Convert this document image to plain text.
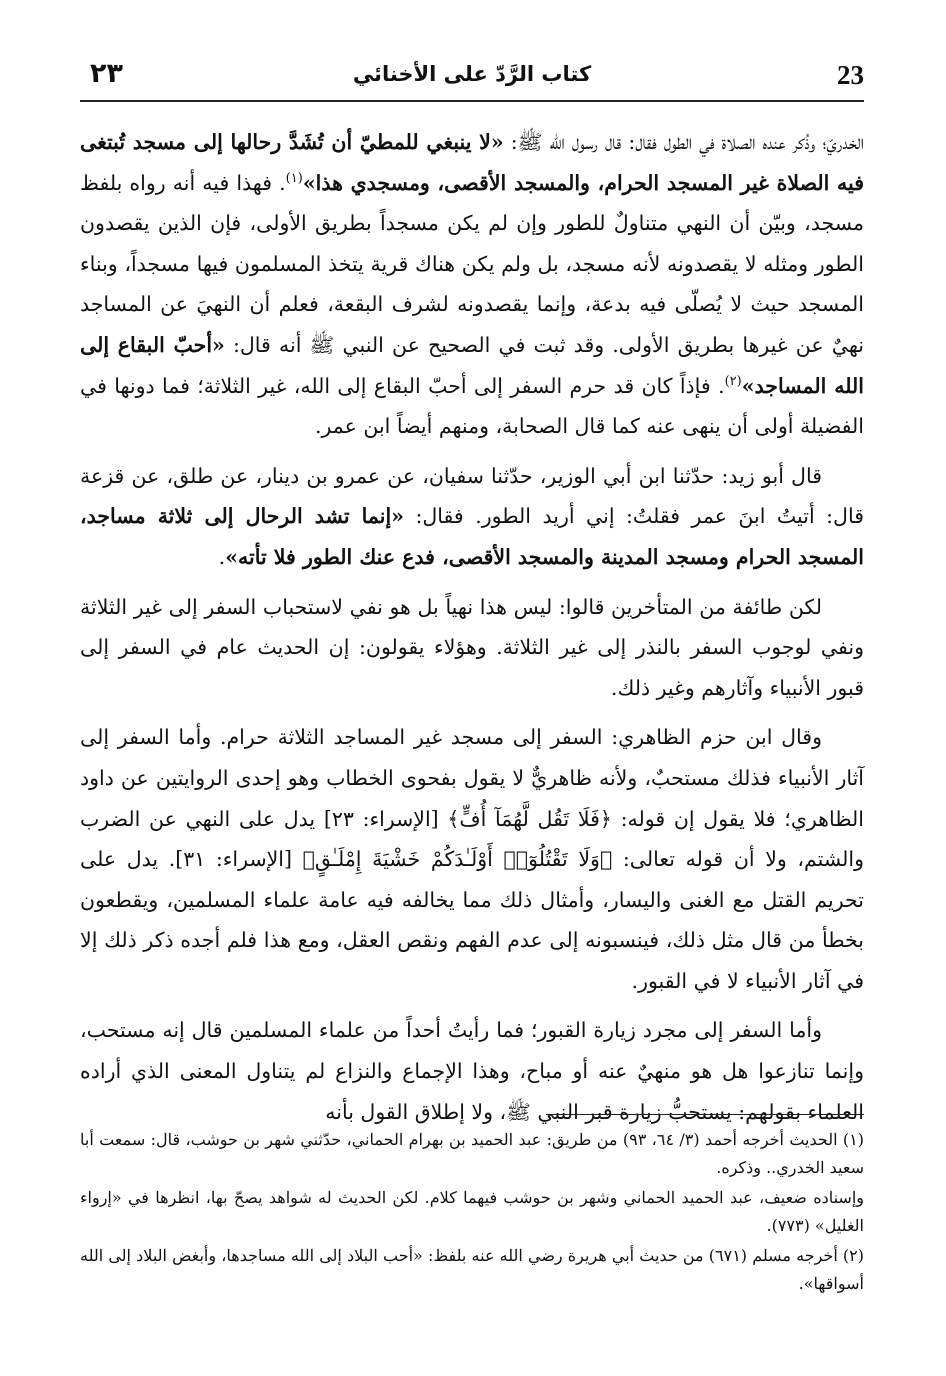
23
كتاب الرَّدّ على الأخنائي
٢٣

الخدريّ؛ وذُكر عنده الصلاة في الطول فقال: قال رسول الله ﷺ: «لا ينبغي للمطيّ أن تُشَدَّ رحالها إلى مسجد تُبتغى فيه الصلاة غير المسجد الحرام، والمسجد الأقصى، ومسجدي هذا»$^{(١)}$. فهذا فيه أنه رواه بلفظ مسجد، وبيّن أن النهي متناولٌ للطور وإن لم يكن مسجداً بطريق الأولى، فإن الذين يقصدون الطور ومثله لا يقصدونه لأنه مسجد، بل ولم يكن هناك قرية يتخذ المسلمون فيها مسجداً، وبناء المسجد حيث لا يُصلّى فيه بدعة، وإنما يقصدونه لشرف البقعة، فعلم أن النهيَ عن المساجد نهيٌ عن غيرها بطريق الأولى. وقد ثبت في الصحيح عن النبي ﷺ أنه قال: «أحبّ البقاع إلى الله المساجد»$^{(٢)}$. فإذاً كان قد حرم السفر إلى أحبّ البقاع إلى الله، غير الثلاثة؛ فما دونها في الفضيلة أولى أن ينهى عنه كما قال الصحابة، ومنهم أيضاً ابن عمر.

قال أبو زيد: حدّثنا ابن أبي الوزير، حدّثنا سفيان، عن عمرو بن دينار، عن طلق، عن قزعة قال: أتيتُ ابنَ عمر فقلتُ: إني أريد الطور. فقال: «إنما تشد الرحال إلى ثلاثة مساجد، المسجد الحرام ومسجد المدينة والمسجد الأقصى، فدع عنك الطور فلا تأته».

لكن طائفة من المتأخرين قالوا: ليس هذا نهياً بل هو نفي لاستحباب السفر إلى غير الثلاثة ونفي لوجوب السفر بالنذر إلى غير الثلاثة. وهؤلاء يقولون: إن الحديث عام في السفر إلى قبور الأنبياء وآثارهم وغير ذلك.

وقال ابن حزم الظاهري: السفر إلى مسجد غير المساجد الثلاثة حرام. وأما السفر إلى آثار الأنبياء فذلك مستحبٌ، ولأنه ظاهريٌّ لا يقول بفحوى الخطاب وهو إحدى الروايتين عن داود الظاهري؛ فلا يقول إن قوله: ﴿فَلَا تَقُل لَّهُمَآ أُفٍّ﴾ [الإسراء: ٢٣] يدل على النهي عن الضرب والشتم، ولا أن قوله تعالى: ﴿وَلَا تَقْتُلُوٓا۟ أَوْلَـٰدَكُمْ خَشْيَةَ إِمْلَـٰقٍ﴾ [الإسراء: ٣١]. يدل على تحريم القتل مع الغنى واليسار، وأمثال ذلك مما يخالفه فيه عامة علماء المسلمين، ويقطعون بخطأ من قال مثل ذلك، فينسبونه إلى عدم الفهم ونقص العقل، ومع هذا فلم أجده ذكر ذلك إلا في آثار الأنبياء لا في القبور.

وأما السفر إلى مجرد زيارة القبور؛ فما رأيتُ أحداً من علماء المسلمين قال إنه مستحب، وإنما تنازعوا هل هو منهيٌ عنه أو مباح، وهذا الإجماع والنزاع لم يتناول المعنى الذي أراده العلماء بقولهم: يستحبُّ زيارة قبر النبي ﷺ، ولا إطلاق القول بأنه

(١) الحديث أخرجه أحمد (٣/ ٦٤، ٩٣) من طريق: عبد الحميد بن بهرام الحماني، حدّثني شهر بن حوشب، قال: سمعت أبا سعيد الخدري.. وذكره.

وإسناده ضعيف، عبد الحميد الحماني وشهر بن حوشب فيهما كلام. لكن الحديث له شواهد يصحّ بها، انظرها في «إرواء الغليل» (٧٧٣).

(٢) أخرجه مسلم (٦٧١) من حديث أبي هريرة رضي الله عنه بلفظ: «أحب البلاد إلى الله مساجدها، وأبغض البلاد إلى الله أسواقها».
